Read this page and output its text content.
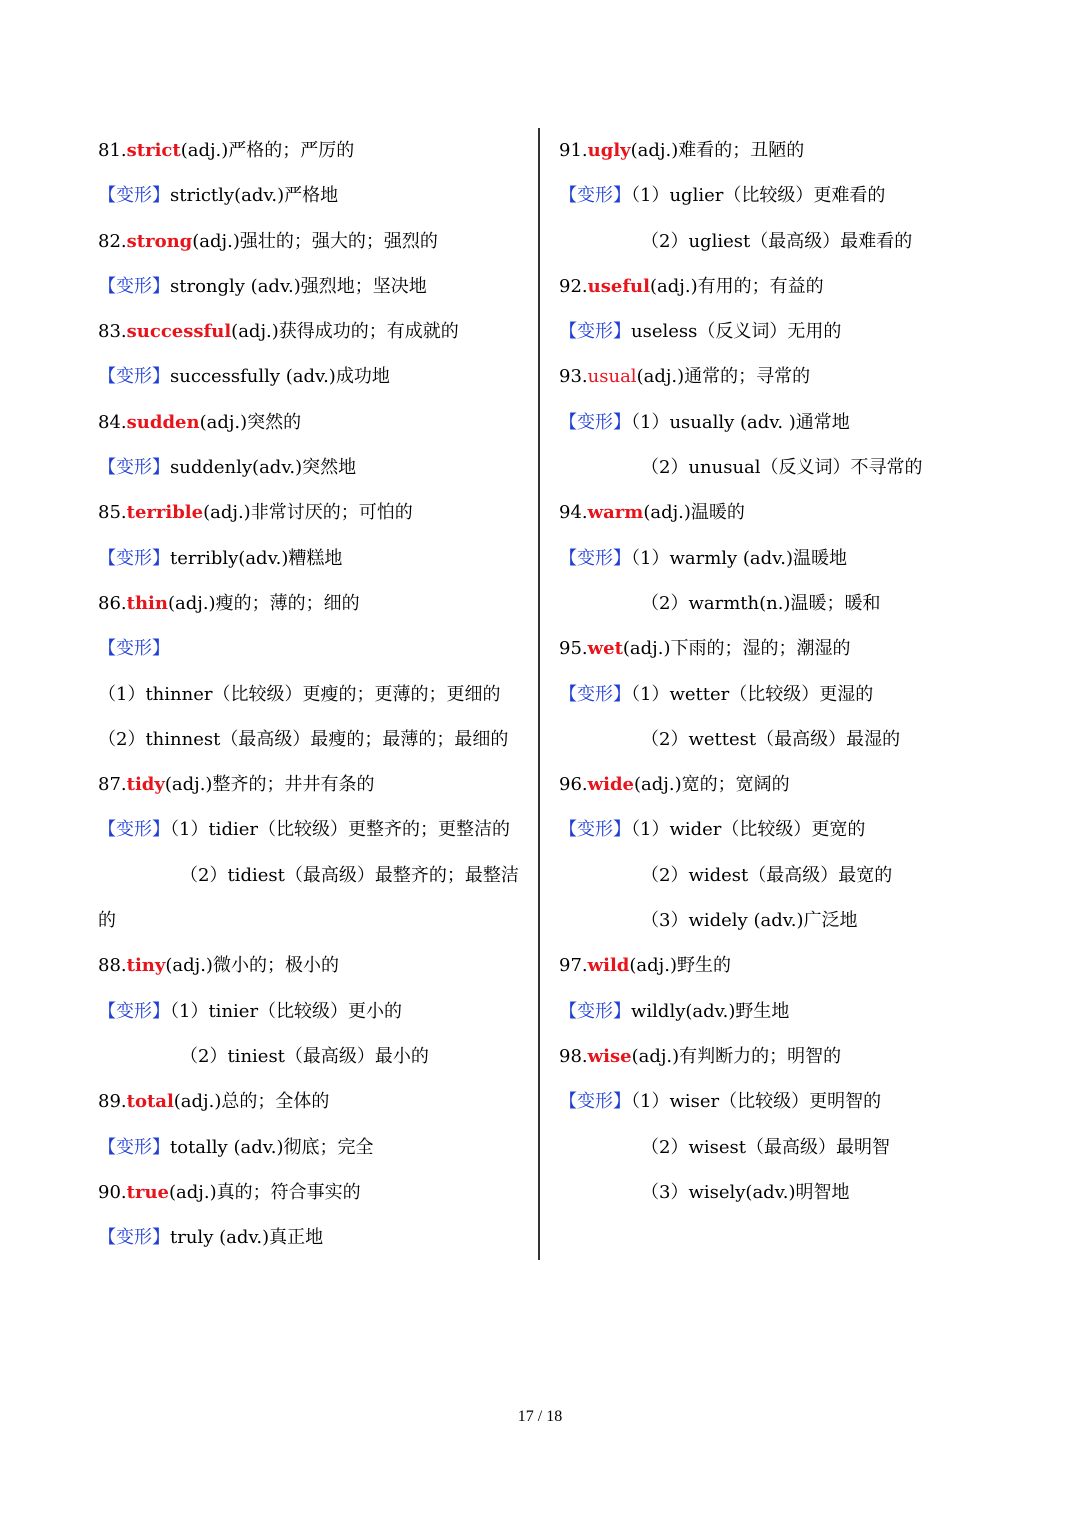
81.strict(adj.)严格的；严厉的
【变形】strictly(adv.)严格地
82.strong(adj.)强壮的；强大的；强烈的
【变形】strongly (adv.)强烈地；坚决地
83.successful(adj.)获得成功的；有成就的
【变形】successfully (adv.)成功地
84.sudden(adj.)突然的
【变形】suddenly(adv.)突然地
85.terrible(adj.)非常讨厌的；可怕的
【变形】terribly(adv.)糟糕地
86.thin(adj.)瘦的；薄的；细的
【变形】
（1）thinner（比较级）更瘦的；更薄的；更细的
（2）thinnest（最高级）最瘦的；最薄的；最细的
87.tidy(adj.)整齐的；井井有条的
【变形】（1）tidier（比较级）更整齐的；更整洁的
（2）tidiest（最高级）最整齐的；最整洁
的
88.tiny(adj.)微小的；极小的
【变形】（1）tinier（比较级）更小的
（2）tiniest（最高级）最小的
89.total(adj.)总的；全体的
【变形】totally (adv.)彻底；完全
90.true(adj.)真的；符合事实的
【变形】truly (adv.)真正地
91.ugly(adj.)难看的；丑陋的
【变形】（1）uglier（比较级）更难看的
（2）ugliest（最高级）最难看的
92.useful(adj.)有用的；有益的
【变形】useless（反义词）无用的
93.usual(adj.)通常的；寻常的
【变形】（1）usually (adv. )通常地
（2）unusual（反义词）不寻常的
94.warm(adj.)温暖的
【变形】（1）warmly (adv.)温暖地
（2）warmth(n.)温暖；暖和
95.wet(adj.)下雨的；湿的；潮湿的
【变形】（1）wetter（比较级）更湿的
（2）wettest（最高级）最湿的
96.wide(adj.)宽的；宽阔的
【变形】（1）wider（比较级）更宽的
（2）widest（最高级）最宽的
（3）widely (adv.)广泛地
97.wild(adj.)野生的
【变形】wildly(adv.)野生地
98.wise(adj.)有判断力的；明智的
【变形】（1）wiser（比较级）更明智的
（2）wisest（最高级）最明智
（3）wisely(adv.)明智地
17 / 18
